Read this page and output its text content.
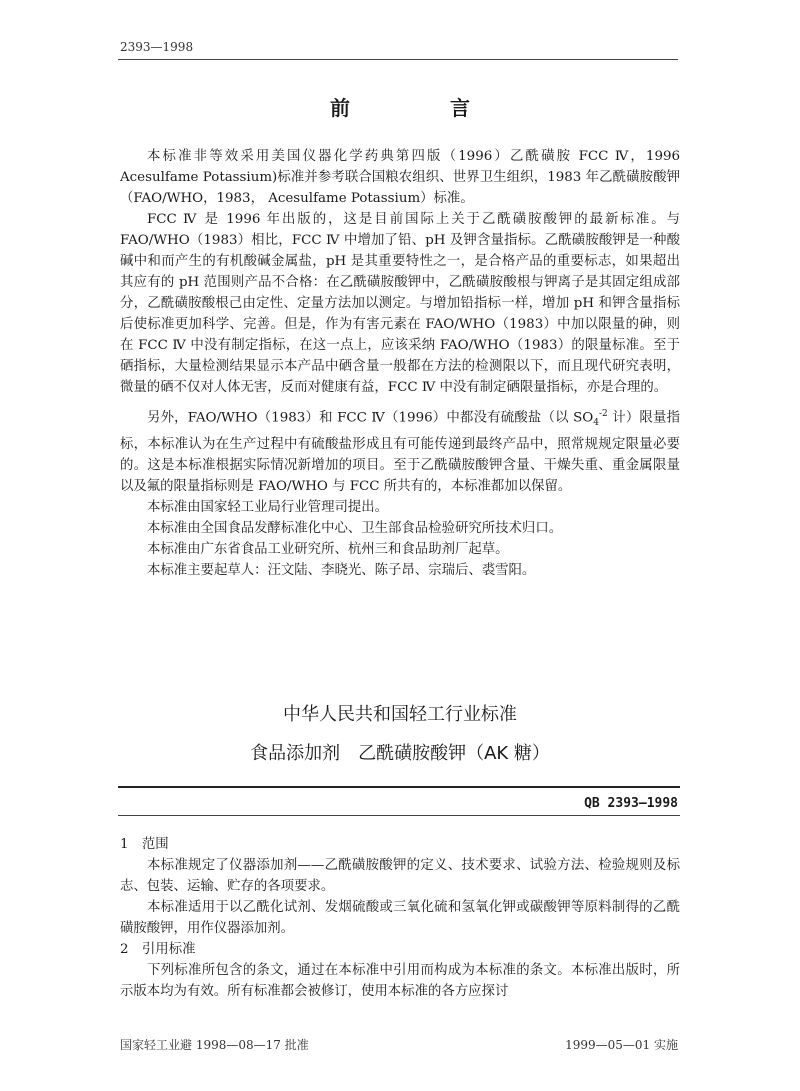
2393—1998
前　言

本标准非等效采用美国仪器化学药典第四版（1996）乙酰磺胺 FCC Ⅳ，1996 Acesulfame Potassium)标准并参考联合国粮农组织、世界卫生组织，1983 年乙酰磺胺酸钾（FAO/WHO，1983， Acesulfame Potassium）标准。

FCC Ⅳ 是 1996 年出版的，这是目前国际上关于乙酰磺胺酸钾的最新标准。与 FAO/WHO（1983）相比，FCC Ⅳ 中增加了铅、pH 及钾含量指标。乙酰磺胺酸钾是一种酸碱中和而产生的有机酸碱金属盐，pH 是其重要特性之一，是合格产品的重要标志，如果超出其应有的 pH 范围则产品不合格：在乙酰磺胺酸钾中，乙酰磺胺酸根与钾离子是其固定组成部分，乙酰磺胺酸根己由定性、定量方法加以测定。与增加铅指标一样，增加 pH 和钾含量指标后使标准更加科学、完善。但是，作为有害元素在 FAO/WHO（1983）中加以限量的砷，则在 FCC Ⅳ 中没有制定指标，在这一点上，应该采纳 FAO/WHO（1983）的限量标准。至于硒指标，大量检测结果显示本产品中硒含量一般都在方法的检测限以下，而且现代研究表明，微量的硒不仅对人体无害，反而对健康有益，FCC Ⅳ 中没有制定硒限量指标，亦是合理的。

另外，FAO/WHO（1983）和 FCC Ⅳ（1996）中都没有硫酸盐（以 $SO_4^{-2}$ 计）限量指标，本标准认为在生产过程中有硫酸盐形成且有可能传递到最终产品中，照常规规定限量必要的。这是本标准根据实际情况新增加的项目。至于乙酰磺胺酸钾含量、干燥失重、重金属限量以及氟的限量指标则是 FAO/WHO 与 FCC 所共有的，本标准都加以保留。

本标准由国家轻工业局行业管理司提出。

本标准由全国食品发酵标准化中心、卫生部食品检验研究所技术归口。

本标准由广东省食品工业研究所、杭州三和食品助剂厂起草。

本标准主要起草人：汪文陆、李晓光、陈子昂、宗瑞后、裘雪阳。

中华人民共和国轻工行业标准
食品添加剂　乙酰磺胺酸钾（AK 糖）
QB 2393—1998

1　范围

本标准规定了仪器添加剂——乙酰磺胺酸钾的定义、技术要求、试验方法、检验规则及标志、包装、运输、贮存的各项要求。

本标准适用于以乙酰化试剂、发烟硫酸或三氧化硫和氢氧化钾或碳酸钾等原料制得的乙酰磺胺酸钾，用作仪器添加剂。

2　引用标准

下列标准所包含的条文，通过在本标准中引用而构成为本标准的条文。本标准出版时，所示版本均为有效。所有标准都会被修订，使用本标准的各方应探讨

国家轻工业避 1998—08—17 批准	1999—05—01 实施
